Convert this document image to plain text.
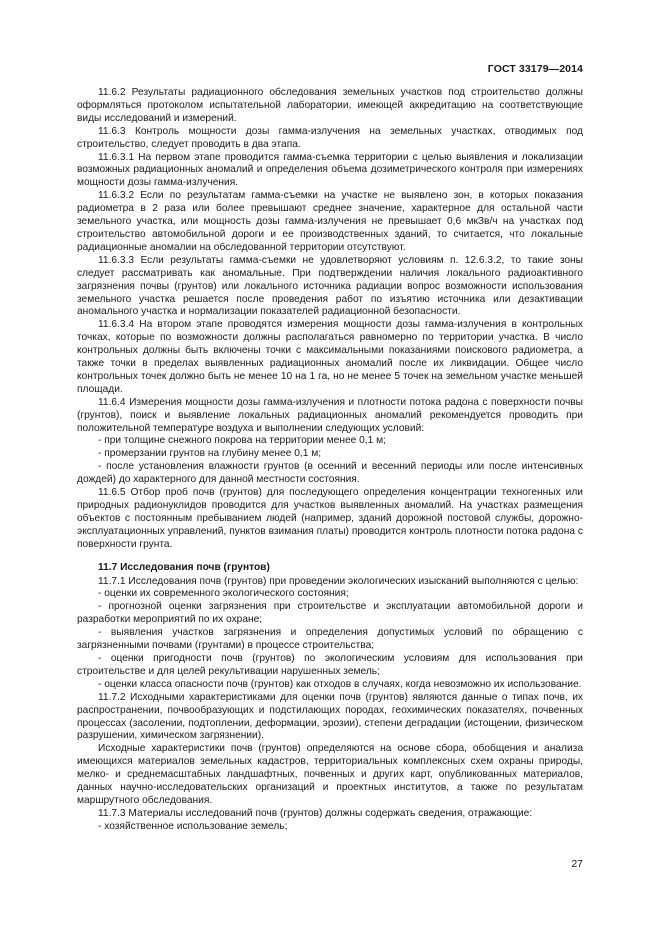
ГОСТ 33179—2014

11.6.2 Результаты радиационного обследования земельных участков под строительство должны оформляться протоколом испытательной лаборатории, имеющей аккредитацию на соответствующие виды исследований и измерений.

11.6.3 Контроль мощности дозы гамма-излучения на земельных участках, отводимых под строительство, следует проводить в два этапа.

11.6.3.1 На первом этапе проводится гамма-съемка территории с целью выявления и локализации возможных радиационных аномалий и определения объема дозиметрического контроля при измерениях мощности дозы гамма-излучения.

11.6.3.2 Если по результатам гамма-съемки на участке не выявлено зон, в которых показания радиометра в 2 раза или более превышают среднее значение, характерное для остальной части земельного участка, или мощность дозы гамма-излучения не превышает 0,6 мкЗв/ч на участках под строительство автомобильной дороги и ее производственных зданий, то считается, что локальные радиационные аномалии на обследованной территории отсутствуют.

11.6.3.3 Если результаты гамма-съемки не удовлетворяют условиям п. 12.6.3.2, то такие зоны следует рассматривать как аномальные. При подтверждении наличия локального радиоактивного загрязнения почвы (грунтов) или локального источника радиации вопрос возможности использования земельного участка решается после проведения работ по изъятию источника или дезактивации аномального участка и нормализации показателей радиационной безопасности.

11.6.3.4 На втором этапе проводятся измерения мощности дозы гамма-излучения в контрольных точках, которые по возможности должны располагаться равномерно по территории участка. В число контрольных должны быть включены точки с максимальными показаниями поискового радиометра, а также точки в пределах выявленных радиационных аномалий после их ликвидации. Общее число контрольных точек должно быть не менее 10 на 1 га, но не менее 5 точек на земельном участке меньшей площади.

11.6.4 Измерения мощности дозы гамма-излучения и плотности потока радона с поверхности почвы (грунтов), поиск и выявление локальных радиационных аномалий рекомендуется проводить при положительной температуре воздуха и выполнении следующих условий:

- при толщине снежного покрова на территории менее 0,1 м;

- промерзании грунтов на глубину менее 0,1 м;

- после установления влажности грунтов (в осенний и весенний периоды или после интенсивных дождей) до характерного для данной местности состояния.

11.6.5 Отбор проб почв (грунтов) для последующего определения концентрации техногенных или природных радионуклидов проводится для участков выявленных аномалий. На участках размещения объектов с постоянным пребыванием людей (например, зданий дорожной постовой службы, дорожно-эксплуатационных управлений, пунктов взимания платы) проводится контроль плотности потока радона с поверхности грунта.

11.7 Исследования почв (грунтов)

11.7.1 Исследования почв (грунтов) при проведении экологических изысканий выполняются с целью:

- оценки их современного экологического состояния;

- прогнозной оценки загрязнения при строительстве и эксплуатации автомобильной дороги и разработки мероприятий по их охране;

- выявления участков загрязнения и определения допустимых условий по обращению с загрязненными почвами (грунтами) в процессе строительства;

- оценки пригодности почв (грунтов) по экологическим условиям для использования при строительстве и для целей рекультивации нарушенных земель;

- оценки класса опасности почв (грунтов) как отходов в случаях, когда невозможно их использование.

11.7.2 Исходными характеристиками для оценки почв (грунтов) являются данные о типах почв, их распространении, почвообразующих и подстилающих породах, геохимических показателях, почвенных процессах (засолении, подтоплении, деформации, эрозии), степени деградации (истощении, физическом разрушении, химическом загрязнении).

Исходные характеристики почв (грунтов) определяются на основе сбора, обобщения и анализа имеющихся материалов земельных кадастров, территориальных комплексных схем охраны природы, мелко- и среднемасштабных ландшафтных, почвенных и других карт, опубликованных материалов, данных научно-исследовательских организаций и проектных институтов, а также по результатам маршрутного обследования.

11.7.3 Материалы исследований почв (грунтов) должны содержать сведения, отражающие:

- хозяйственное использование земель;

27
